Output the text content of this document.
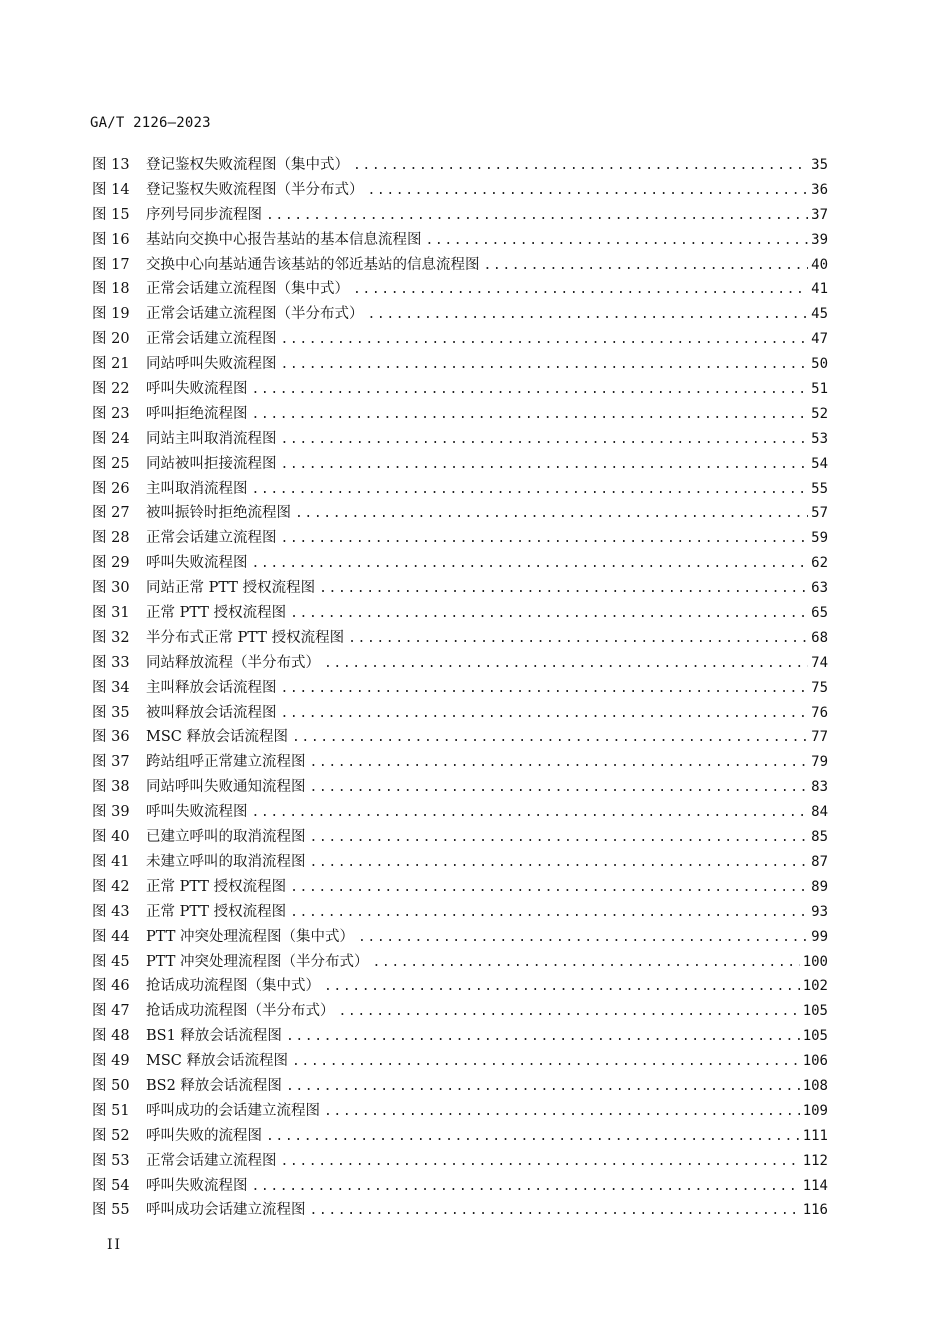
GA/T 2126—2023
图 13	登记鉴权失败流程图（集中式） .....	35
图 14	登记鉴权失败流程图（半分布式） .....	36
图 15	序列号同步流程图 .....	37
图 16	基站向交换中心报告基站的基本信息流程图 .....	39
图 17	交换中心向基站通告该基站的邻近基站的信息流程图 .....	40
图 18	正常会话建立流程图（集中式） .....	41
图 19	正常会话建立流程图（半分布式） .....	45
图 20	正常会话建立流程图 .....	47
图 21	同站呼叫失败流程图 .....	50
图 22	呼叫失败流程图 .....	51
图 23	呼叫拒绝流程图 .....	52
图 24	同站主叫取消流程图 .....	53
图 25	同站被叫拒接流程图 .....	54
图 26	主叫取消流程图 .....	55
图 27	被叫振铃时拒绝流程图 .....	57
图 28	正常会话建立流程图 .....	59
图 29	呼叫失败流程图 .....	62
图 30	同站正常 PTT 授权流程图 .....	63
图 31	正常 PTT 授权流程图 .....	65
图 32	半分布式正常 PTT 授权流程图 .....	68
图 33	同站释放流程（半分布式） .....	74
图 34	主叫释放会话流程图 .....	75
图 35	被叫释放会话流程图 .....	76
图 36	MSC 释放会话流程图 .....	77
图 37	跨站组呼正常建立流程图 .....	79
图 38	同站呼叫失败通知流程图 .....	83
图 39	呼叫失败流程图 .....	84
图 40	已建立呼叫的取消流程图 .....	85
图 41	未建立呼叫的取消流程图 .....	87
图 42	正常 PTT 授权流程图 .....	89
图 43	正常 PTT 授权流程图 .....	93
图 44	PTT 冲突处理流程图（集中式） .....	99
图 45	PTT 冲突处理流程图（半分布式） .....	100
图 46	抢话成功流程图（集中式） .....	102
图 47	抢话成功流程图（半分布式） .....	105
图 48	BS1 释放会话流程图 .....	105
图 49	MSC 释放会话流程图 .....	106
图 50	BS2 释放会话流程图 .....	108
图 51	呼叫成功的会话建立流程图 .....	109
图 52	呼叫失败的流程图 .....	111
图 53	正常会话建立流程图 .....	112
图 54	呼叫失败流程图 .....	114
图 55	呼叫成功会话建立流程图 .....	116
II
